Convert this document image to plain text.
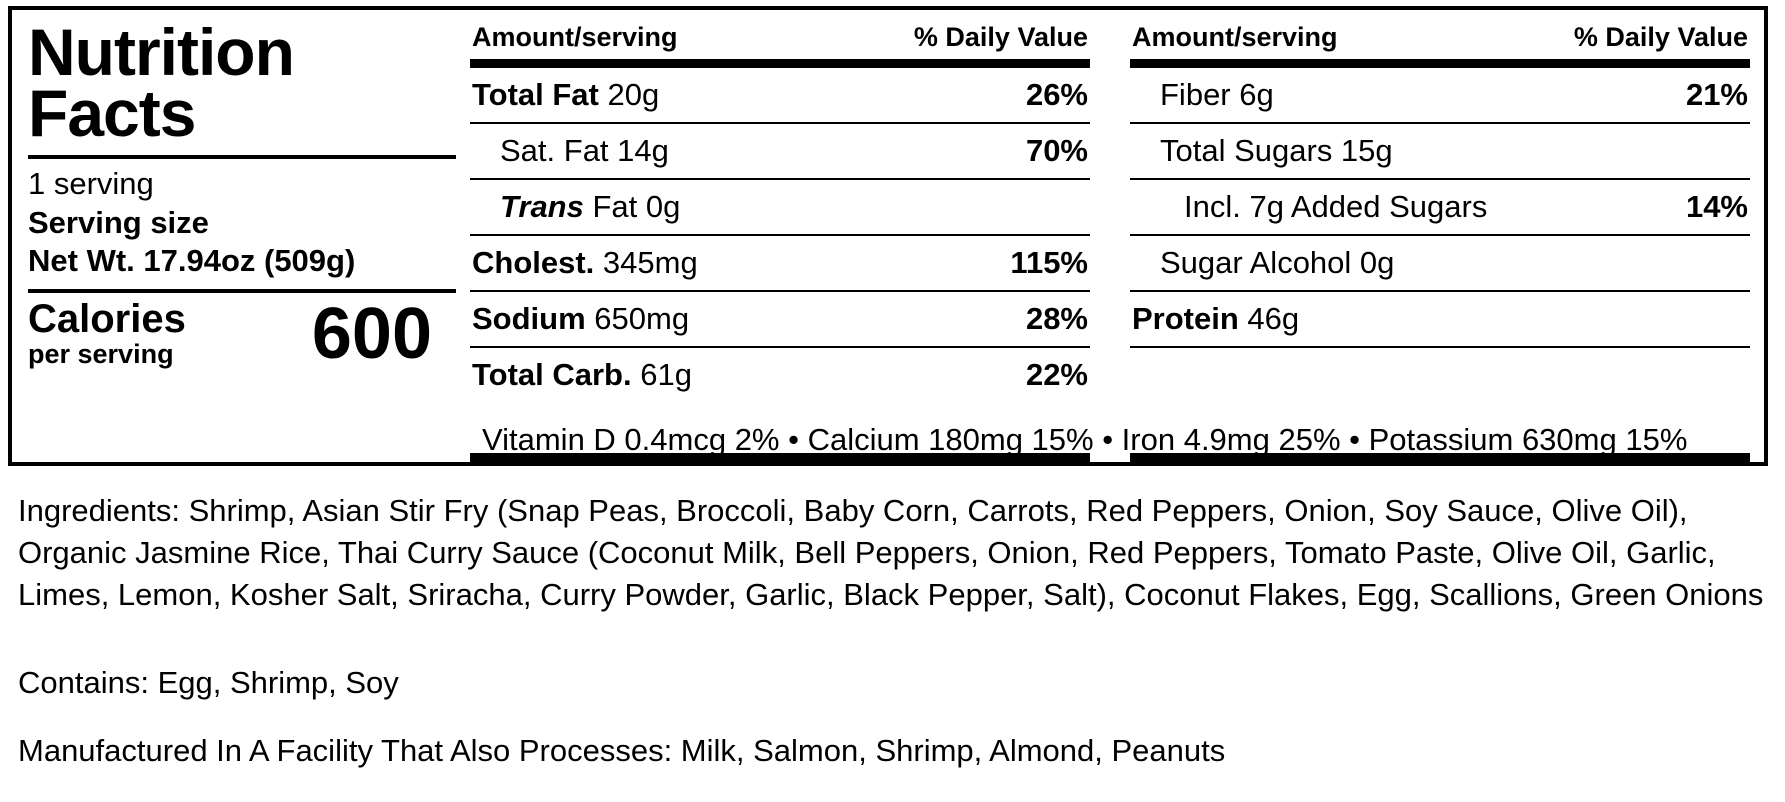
Nutrition
Facts
1 serving
Serving size
Net Wt. 17.94oz (509g)
Calories
per serving 600
Amount/serving	% Daily Value
Total Fat 20g	26%
Sat. Fat 14g	70%
Trans Fat 0g
Cholest. 345mg	115%
Sodium 650mg	28%
Total Carb. 61g	22%
Amount/serving	% Daily Value
Fiber 6g	21%
Total Sugars 15g
Incl. 7g Added Sugars	14%
Sugar Alcohol 0g
Protein 46g
Vitamin D 0.4mcg 2% • Calcium 180mg 15% • Iron 4.9mg 25% • Potassium 630mg 15%
Ingredients: Shrimp, Asian Stir Fry (Snap Peas, Broccoli, Baby Corn, Carrots, Red Peppers, Onion, Soy Sauce, Olive Oil), Organic Jasmine Rice, Thai Curry Sauce (Coconut Milk, Bell Peppers, Onion, Red Peppers, Tomato Paste, Olive Oil, Garlic, Limes, Lemon, Kosher Salt, Sriracha, Curry Powder, Garlic, Black Pepper, Salt), Coconut Flakes, Egg, Scallions, Green Onions
Contains: Egg, Shrimp, Soy
Manufactured In A Facility That Also Processes: Milk, Salmon, Shrimp, Almond, Peanuts
